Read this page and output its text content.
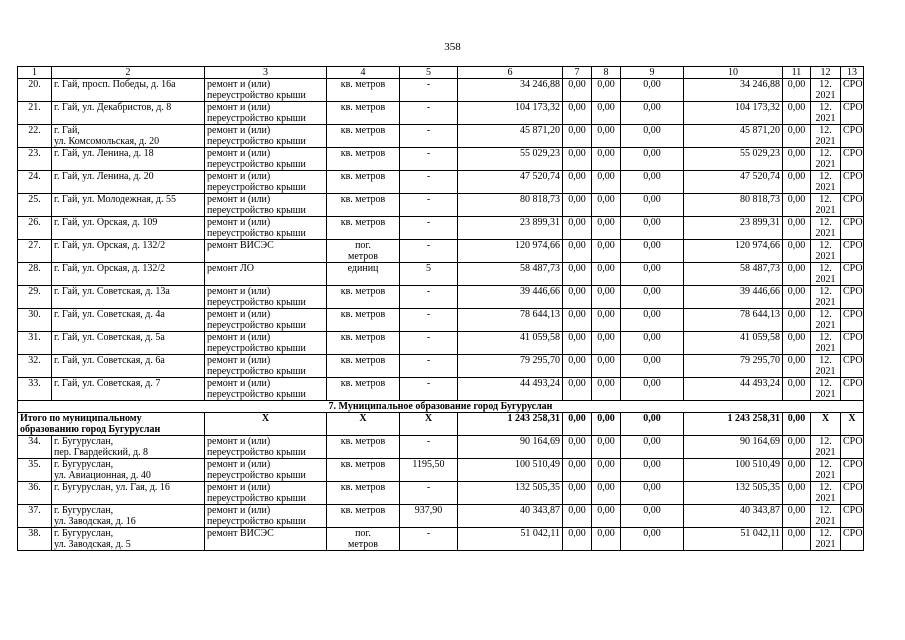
358
1	2	3	4	5	6	7	8	9	10	11	12	13
20.	г. Гай, просп. Победы, д. 16а	ремонт и (или)
переустройство крыши	кв. метров	-	34 246,88	0,00	0,00	0,00	34 246,88	0,00	12.
2021	СРО
21.	г. Гай, ул. Декабристов, д. 8	ремонт и (или)
переустройство крыши	кв. метров	-	104 173,32	0,00	0,00	0,00	104 173,32	0,00	12.
2021	СРО
22.	г. Гай,
ул. Комсомольская, д. 20	ремонт и (или)
переустройство крыши	кв. метров	-	45 871,20	0,00	0,00	0,00	45 871,20	0,00	12.
2021	СРО
23.	г. Гай, ул. Ленина, д. 18	ремонт и (или)
переустройство крыши	кв. метров	-	55 029,23	0,00	0,00	0,00	55 029,23	0,00	12.
2021	СРО
24.	г. Гай, ул. Ленина, д. 20	ремонт и (или)
переустройство крыши	кв. метров	-	47 520,74	0,00	0,00	0,00	47 520,74	0,00	12.
2021	СРО
25.	г. Гай, ул. Молодежная, д. 55	ремонт и (или)
переустройство крыши	кв. метров	-	80 818,73	0,00	0,00	0,00	80 818,73	0,00	12.
2021	СРО
26.	г. Гай, ул. Орская, д. 109	ремонт и (или)
переустройство крыши	кв. метров	-	23 899,31	0,00	0,00	0,00	23 899,31	0,00	12.
2021	СРО
27.	г. Гай, ул. Орская, д. 132/2	ремонт ВИСЭС	пог.
метров	-	120 974,66	0,00	0,00	0,00	120 974,66	0,00	12.
2021	СРО
28.	г. Гай, ул. Орская, д. 132/2	ремонт ЛО	единиц	5	58 487,73	0,00	0,00	0,00	58 487,73	0,00	12.
2021	СРО
29.	г. Гай, ул. Советская, д. 13а	ремонт и (или)
переустройство крыши	кв. метров	-	39 446,66	0,00	0,00	0,00	39 446,66	0,00	12.
2021	СРО
30.	г. Гай, ул. Советская, д. 4а	ремонт и (или)
переустройство крыши	кв. метров	-	78 644,13	0,00	0,00	0,00	78 644,13	0,00	12.
2021	СРО
31.	г. Гай, ул. Советская, д. 5а	ремонт и (или)
переустройство крыши	кв. метров	-	41 059,58	0,00	0,00	0,00	41 059,58	0,00	12.
2021	СРО
32.	г. Гай, ул. Советская, д. 6а	ремонт и (или)
переустройство крыши	кв. метров	-	79 295,70	0,00	0,00	0,00	79 295,70	0,00	12.
2021	СРО
33.	г. Гай, ул. Советская, д. 7	ремонт и (или)
переустройство крыши	кв. метров	-	44 493,24	0,00	0,00	0,00	44 493,24	0,00	12.
2021	СРО
7. Муниципальное образование город Бугуруслан												
Итого по муниципальному
образованию город Бугуруслан		Х	Х	Х	1 243 258,31	0,00	0,00	0,00	1 243 258,31	0,00	Х	Х
34.	г. Бугуруслан,
пер. Гвардейский, д. 8	ремонт и (или)
переустройство крыши	кв. метров	-	90 164,69	0,00	0,00	0,00	90 164,69	0,00	12.
2021	СРО
35.	г. Бугуруслан,
ул. Авиационная, д. 40	ремонт и (или)
переустройство крыши	кв. метров	1195,50	100 510,49	0,00	0,00	0,00	100 510,49	0,00	12.
2021	СРО
36.	г. Бугуруслан, ул. Гая, д. 16	ремонт и (или)
переустройство крыши	кв. метров	-	132 505,35	0,00	0,00	0,00	132 505,35	0,00	12.
2021	СРО
37.	г. Бугуруслан,
ул. Заводская, д. 16	ремонт и (или)
переустройство крыши	кв. метров	937,90	40 343,87	0,00	0,00	0,00	40 343,87	0,00	12.
2021	СРО
38.	г. Бугуруслан,
ул. Заводская, д. 5	ремонт ВИСЭС	пог.
метров	-	51 042,11	0,00	0,00	0,00	51 042,11	0,00	12.
2021	СРО
